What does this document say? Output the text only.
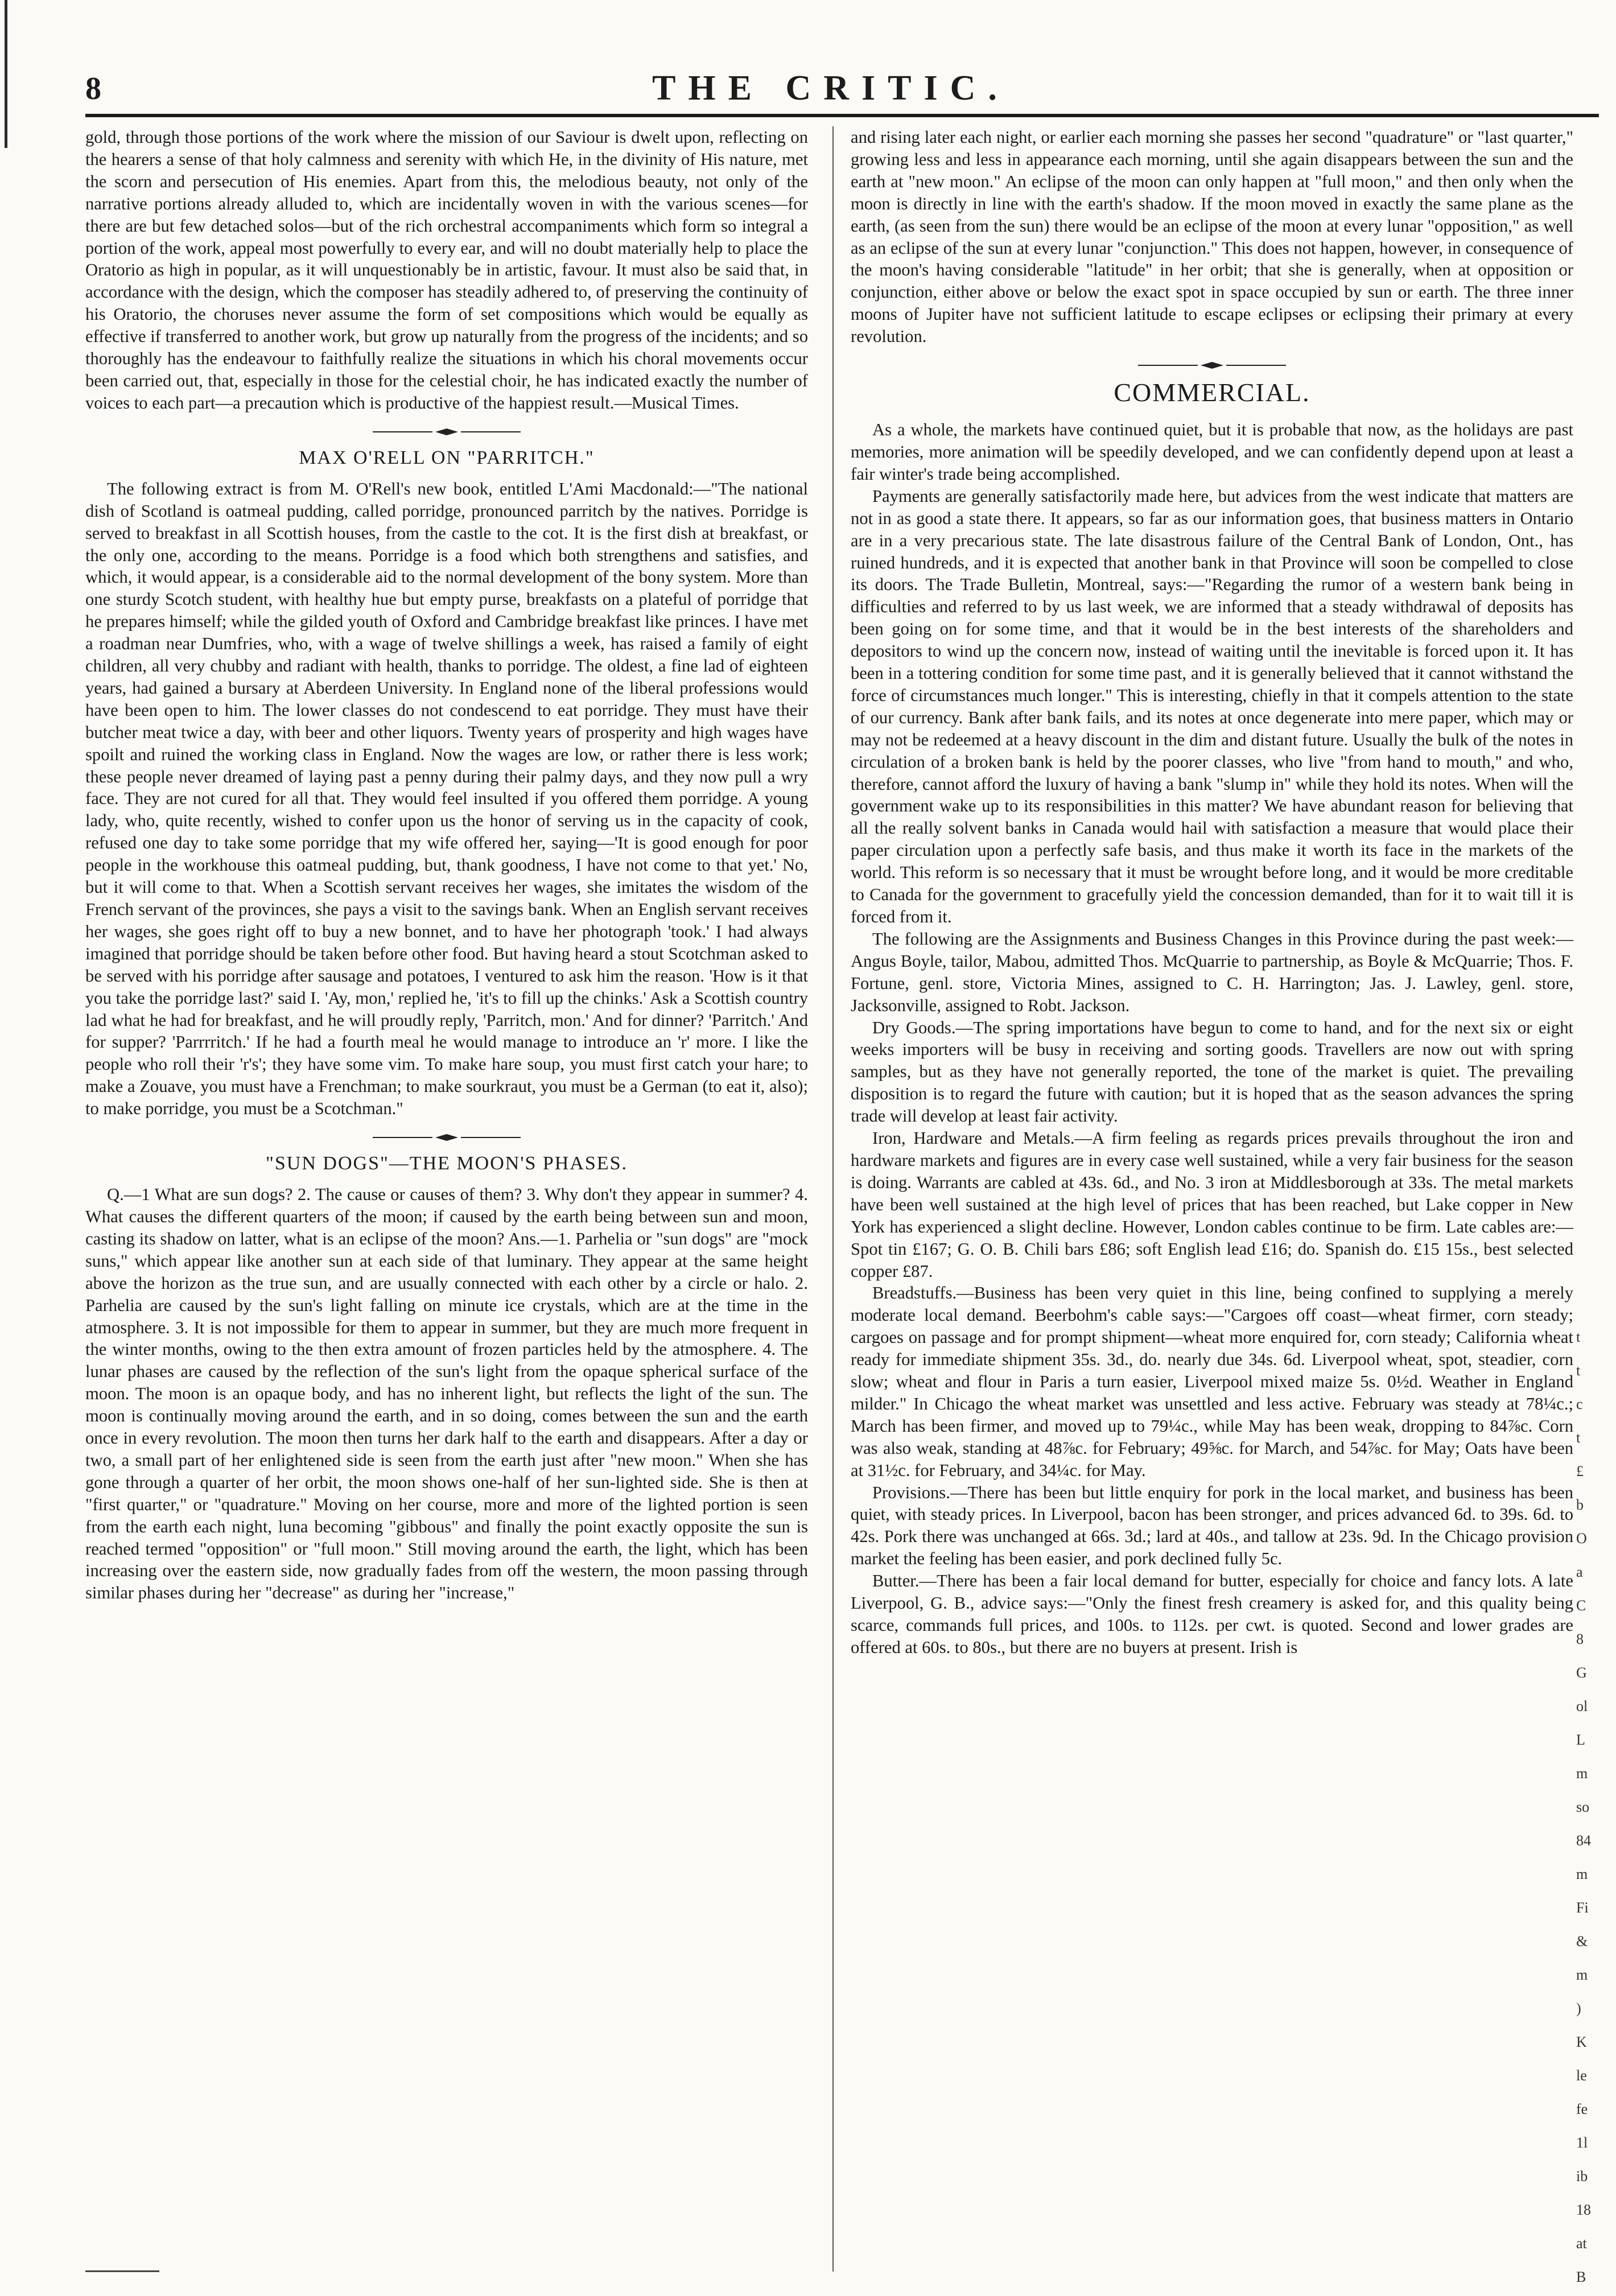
8	THE CRITIC.

gold, through those portions of the work where the mission of our Saviour is dwelt upon, reflecting on the hearers a sense of that holy calmness and serenity with which He, in the divinity of His nature, met the scorn and persecution of His enemies. Apart from this, the melodious beauty, not only of the narrative portions already alluded to, which are incidentally woven in with the various scenes—for there are but few detached solos—but of the rich orchestral accompaniments which form so integral a portion of the work, appeal most powerfully to every ear, and will no doubt materially help to place the Oratorio as high in popular, as it will unquestionably be in artistic, favour. It must also be said that, in accordance with the design, which the composer has steadily adhered to, of preserving the continuity of his Oratorio, the choruses never assume the form of set compositions which would be equally as effective if transferred to another work, but grow up naturally from the progress of the incidents; and so thoroughly has the endeavour to faithfully realize the situations in which his choral movements occur been carried out, that, especially in those for the celestial choir, he has indicated exactly the number of voices to each part—a precaution which is productive of the happiest result.—Musical Times.

MAX O'RELL ON "PARRITCH."

The following extract is from M. O'Rell's new book, entitled L'Ami Macdonald:—"The national dish of Scotland is oatmeal pudding, called porridge, pronounced parritch by the natives. Porridge is served to breakfast in all Scottish houses, from the castle to the cot. It is the first dish at breakfast, or the only one, according to the means. Porridge is a food which both strengthens and satisfies, and which, it would appear, is a considerable aid to the normal development of the bony system. More than one sturdy Scotch student, with healthy hue but empty purse, breakfasts on a plateful of porridge that he prepares himself; while the gilded youth of Oxford and Cambridge breakfast like princes. I have met a roadman near Dumfries, who, with a wage of twelve shillings a week, has raised a family of eight children, all very chubby and radiant with health, thanks to porridge. The oldest, a fine lad of eighteen years, had gained a bursary at Aberdeen University. In England none of the liberal professions would have been open to him. The lower classes do not condescend to eat porridge. They must have their butcher meat twice a day, with beer and other liquors. Twenty years of prosperity and high wages have spoilt and ruined the working class in England. Now the wages are low, or rather there is less work; these people never dreamed of laying past a penny during their palmy days, and they now pull a wry face. They are not cured for all that. They would feel insulted if you offered them porridge. A young lady, who, quite recently, wished to confer upon us the honor of serving us in the capacity of cook, refused one day to take some porridge that my wife offered her, saying—'It is good enough for poor people in the workhouse this oatmeal pudding, but, thank goodness, I have not come to that yet.' No, but it will come to that. When a Scottish servant receives her wages, she imitates the wisdom of the French servant of the provinces, she pays a visit to the savings bank. When an English servant receives her wages, she goes right off to buy a new bonnet, and to have her photograph 'took.' I had always imagined that porridge should be taken before other food. But having heard a stout Scotchman asked to be served with his porridge after sausage and potatoes, I ventured to ask him the reason. 'How is it that you take the porridge last?' said I. 'Ay, mon,' replied he, 'it's to fill up the chinks.' Ask a Scottish country lad what he had for breakfast, and he will proudly reply, 'Parritch, mon.' And for dinner? 'Parritch.' And for supper? 'Parrrritch.' If he had a fourth meal he would manage to introduce an 'r' more. I like the people who roll their 'r's'; they have some vim. To make hare soup, you must first catch your hare; to make a Zouave, you must have a Frenchman; to make sourkraut, you must be a German (to eat it, also); to make porridge, you must be a Scotchman."

"SUN DOGS"—THE MOON'S PHASES.

Q.—1 What are sun dogs? 2. The cause or causes of them? 3. Why don't they appear in summer? 4. What causes the different quarters of the moon; if caused by the earth being between sun and moon, casting its shadow on latter, what is an eclipse of the moon? Ans.—1. Parhelia or "sun dogs" are "mock suns," which appear like another sun at each side of that luminary. They appear at the same height above the horizon as the true sun, and are usually connected with each other by a circle or halo. 2. Parhelia are caused by the sun's light falling on minute ice crystals, which are at the time in the atmosphere. 3. It is not impossible for them to appear in summer, but they are much more frequent in the winter months, owing to the then extra amount of frozen particles held by the atmosphere. 4. The lunar phases are caused by the reflection of the sun's light from the opaque spherical surface of the moon. The moon is an opaque body, and has no inherent light, but reflects the light of the sun. The moon is continually moving around the earth, and in so doing, comes between the sun and the earth once in every revolution. The moon then turns her dark half to the earth and disappears. After a day or two, a small part of her enlightened side is seen from the earth just after "new moon." When she has gone through a quarter of her orbit, the moon shows one-half of her sun-lighted side. She is then at "first quarter," or "quadrature." Moving on her course, more and more of the lighted portion is seen from the earth each night, luna becoming "gibbous" and finally the point exactly opposite the sun is reached termed "opposition" or "full moon." Still moving around the earth, the light, which has been increasing over the eastern side, now gradually fades from off the western, the moon passing through similar phases during her "decrease" as during her "increase,"

and rising later each night, or earlier each morning she passes her second "quadrature" or "last quarter," growing less and less in appearance each morning, until she again disappears between the sun and the earth at "new moon." An eclipse of the moon can only happen at "full moon," and then only when the moon is directly in line with the earth's shadow. If the moon moved in exactly the same plane as the earth, (as seen from the sun) there would be an eclipse of the moon at every lunar "opposition," as well as an eclipse of the sun at every lunar "conjunction." This does not happen, however, in consequence of the moon's having considerable "latitude" in her orbit; that she is generally, when at opposition or conjunction, either above or below the exact spot in space occupied by sun or earth. The three inner moons of Jupiter have not sufficient latitude to escape eclipses or eclipsing their primary at every revolution.

COMMERCIAL.

As a whole, the markets have continued quiet, but it is probable that now, as the holidays are past memories, more animation will be speedily developed, and we can confidently depend upon at least a fair winter's trade being accomplished.

Payments are generally satisfactorily made here, but advices from the west indicate that matters are not in as good a state there. It appears, so far as our information goes, that business matters in Ontario are in a very precarious state. The late disastrous failure of the Central Bank of London, Ont., has ruined hundreds, and it is expected that another bank in that Province will soon be compelled to close its doors. The Trade Bulletin, Montreal, says:—"Regarding the rumor of a western bank being in difficulties and referred to by us last week, we are informed that a steady withdrawal of deposits has been going on for some time, and that it would be in the best interests of the shareholders and depositors to wind up the concern now, instead of waiting until the inevitable is forced upon it. It has been in a tottering condition for some time past, and it is generally believed that it cannot withstand the force of circumstances much longer." This is interesting, chiefly in that it compels attention to the state of our currency. Bank after bank fails, and its notes at once degenerate into mere paper, which may or may not be redeemed at a heavy discount in the dim and distant future. Usually the bulk of the notes in circulation of a broken bank is held by the poorer classes, who live "from hand to mouth," and who, therefore, cannot afford the luxury of having a bank "slump in" while they hold its notes. When will the government wake up to its responsibilities in this matter? We have abundant reason for believing that all the really solvent banks in Canada would hail with satisfaction a measure that would place their paper circulation upon a perfectly safe basis, and thus make it worth its face in the markets of the world. This reform is so necessary that it must be wrought before long, and it would be more creditable to Canada for the government to gracefully yield the concession demanded, than for it to wait till it is forced from it.

The following are the Assignments and Business Changes in this Province during the past week:—Angus Boyle, tailor, Mabou, admitted Thos. McQuarrie to partnership, as Boyle & McQuarrie; Thos. F. Fortune, genl. store, Victoria Mines, assigned to C. H. Harrington; Jas. J. Lawley, genl. store, Jacksonville, assigned to Robt. Jackson.

Dry Goods.—The spring importations have begun to come to hand, and for the next six or eight weeks importers will be busy in receiving and sorting goods. Travellers are now out with spring samples, but as they have not generally reported, the tone of the market is quiet. The prevailing disposition is to regard the future with caution; but it is hoped that as the season advances the spring trade will develop at least fair activity.

Iron, Hardware and Metals.—A firm feeling as regards prices prevails throughout the iron and hardware markets and figures are in every case well sustained, while a very fair business for the season is doing. Warrants are cabled at 43s. 6d., and No. 3 iron at Middlesborough at 33s. The metal markets have been well sustained at the high level of prices that has been reached, but Lake copper in New York has experienced a slight decline. However, London cables continue to be firm. Late cables are:—Spot tin £167; G. O. B. Chili bars £86; soft English lead £16; do. Spanish do. £15 15s., best selected copper £87.

Breadstuffs.—Business has been very quiet in this line, being confined to supplying a merely moderate local demand. Beerbohm's cable says:—"Cargoes off coast—wheat firmer, corn steady; cargoes on passage and for prompt shipment—wheat more enquired for, corn steady; California wheat ready for immediate shipment 35s. 3d., do. nearly due 34s. 6d. Liverpool wheat, spot, steadier, corn slow; wheat and flour in Paris a turn easier, Liverpool mixed maize 5s. 0½d. Weather in England milder." In Chicago the wheat market was unsettled and less active. February was steady at 78¼c.; March has been firmer, and moved up to 79¼c., while May has been weak, dropping to 84⅞c. Corn was also weak, standing at 48⅞c. for February; 49⅝c. for March, and 54⅞c. for May; Oats have been at 31½c. for February, and 34¼c. for May.

Provisions.—There has been but little enquiry for pork in the local market, and business has been quiet, with steady prices. In Liverpool, bacon has been stronger, and prices advanced 6d. to 39s. 6d. to 42s. Pork there was unchanged at 66s. 3d.; lard at 40s., and tallow at 23s. 9d. In the Chicago provision market the feeling has been easier, and pork declined fully 5c.

Butter.—There has been a fair local demand for butter, especially for choice and fancy lots. A late Liverpool, G. B., advice says:—"Only the finest fresh creamery is asked for, and this quality being scarce, commands full prices, and 100s. to 112s. per cwt. is quoted. Second and lower grades are offered at 60s. to 80s., but there are no buyers at present. Irish is

t
t
c
t
£
b
O
a
C
8
G
ol
L
m
so
84
m
Fi
&
m
)
K
le
fe
1l
ib
18
at
B
